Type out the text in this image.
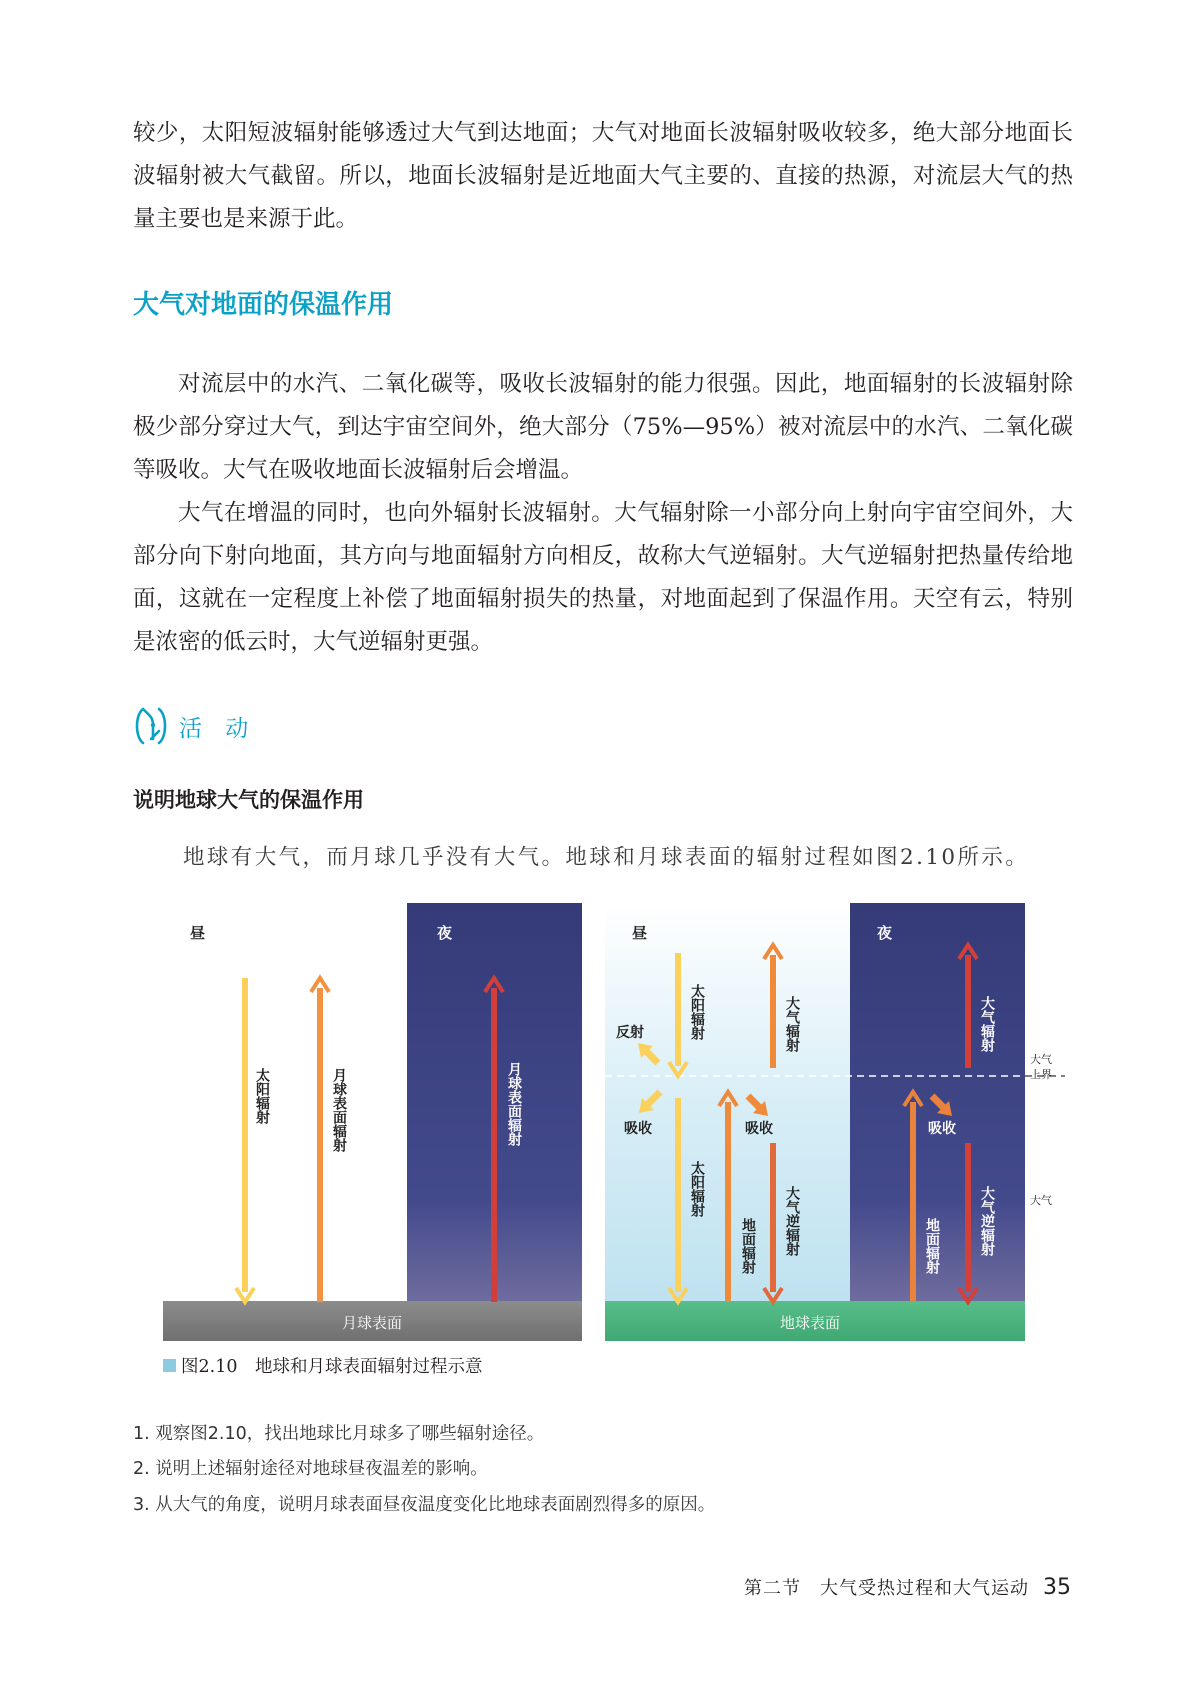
较少，太阳短波辐射能够透过大气到达地面；大气对地面长波辐射吸收较多，绝大部分地面长波辐射被大气截留。所以，地面长波辐射是近地面大气主要的、直接的热源，对流层大气的热量主要也是来源于此。

大气对地面的保温作用

对流层中的水汽、二氧化碳等，吸收长波辐射的能力很强。因此，地面辐射的长波辐射除极少部分穿过大气，到达宇宙空间外，绝大部分（75%—95%）被对流层中的水汽、二氧化碳等吸收。大气在吸收地面长波辐射后会增温。

大气在增温的同时，也向外辐射长波辐射。大气辐射除一小部分向上射向宇宙空间外，大部分向下射向地面，其方向与地面辐射方向相反，故称大气逆辐射。大气逆辐射把热量传给地面，这就在一定程度上补偿了地面辐射损失的热量，对地面起到了保温作用。天空有云，特别是浓密的低云时，大气逆辐射更强。

活 动
说明地球大气的保温作用

地球有大气，而月球几乎没有大气。地球和月球表面的辐射过程如图2.10所示。

月球表面
昼	夜
太阳辐射	月球表面辐射	月球表面辐射
地球表面
昼	夜
太阳辐射
太阳辐射
反射
吸收	吸收	吸收
大气辐射
大气逆辐射
地面辐射
大气辐射
大气逆辐射
地面辐射
大气
上界
大气
图2.10　地球和月球表面辐射过程示意

1. 观察图2.10，找出地球比月球多了哪些辐射途径。

2. 说明上述辐射途径对地球昼夜温差的影响。

3. 从大气的角度，说明月球表面昼夜温度变化比地球表面剧烈得多的原因。

第二节　大气受热过程和大气运动 35
